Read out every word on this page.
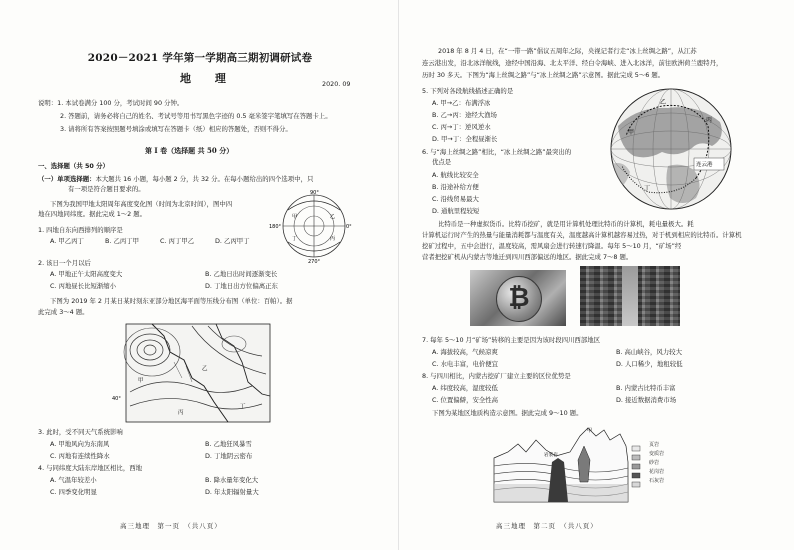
2020－2021 学年第一学期高三期初调研试卷
地 理	2020. 09
说明：1. 本试卷满分 100 分，考试时间 90 分钟。
2. 答题前，请务必将自己的姓名、考试号等用书写黑色字迹的 0.5 毫米签字笔填写在答题卡上。
3. 请将所有答案按照题号填涂或填写在答题卡（纸）相应的答题处，否则不得分。
第 I 卷（选择题 共 50 分）
一、选择题（共 50 分）
（一）单项选择题：本大题共 16 小题，每小题 2 分，共 32 分。在每小题给出的四个选项中，只
有一项是符合题目要求的。
下图为我国甲地太阳周年高度变化图（时间为北京时间），图中四
地在四地同纬度。据此完成 1～2 题。
180°	0°
90°
270°
甲	乙
丙
丁
1. 四地自东向西排列的顺序是
A. 甲乙丙丁	B. 乙丙丁甲	C. 丙丁甲乙	D. 乙丙甲丁
2. 该日一个月以后
A. 甲地正午太阳高度变大	B. 乙地日出时间逐渐变长
C. 丙地昼长比短渐缩小	D. 丁地日出方位偏离正东
下图为 2019 年 2 月某日某时刻东亚部分地区海平面等压线分布图（单位：百帕）。据
此完成 3～4 题。
甲
乙
丙
丁
40°
3. 此时，受不同天气系统影响
A. 甲地风向为东南风	B. 乙地狂风暴雪
C. 丙地有连续性降水	D. 丁地阴云密布
4. 与同纬度大陆东岸地区相比，西地
A. 气温年较差小	B. 降水量年变化大
C. 四季变化明显	D. 年太阳辐射量大
高三地理　第一页　（共八页）
2018 年 8 月 4 日，在“一带一路”倡议五周年之际，央视记者行走“冰上丝绸之路”，从江苏
连云港出发，沿北冰洋航线，途经中国沿海、北太平洋、经白令海峡、进入北冰洋，前往欧洲荷兰鹿特丹，
历时 30 多天。下图为“海上丝绸之路”与“冰上丝绸之路”示意图。据此完成 5～6 题。
5. 下列对各段航线描述正确的是
A. 甲→乙：布满浮冰
B. 乙→丙：途经大渔场
C. 丙→丁：逆风逆水
D. 甲→丁：全程昼渐长
6. 与“海上丝绸之路”相比，“冰上丝绸之路”最突出的
优点是
A. 航线比较安全
B. 沿途补给方便
C. 沿线贸易最大
D. 通航里程较短
连云港
甲
乙
丙
丁
比特币是一种虚拟货币。比特币挖矿，就是用计算机处理比特币的计算机，耗电量极大。耗
计算机运行时产生的热量与能量消耗都与温度有关，温度越高计算机越容易过热，对于机到相应的比特币。计算机
挖矿过程中，五中会进行，温度较高，需风扇会进行转速行降温。每年 5～10 月，“矿场”经
营者把挖矿机从内蒙古等地迁到四川西部偏远的地区。据此完成 7～8 题。
₿
7. 每年 5～10 月“矿场”转移的主要是因为该时段四川西部地区
A. 海拔较高，气候凉爽	B. 高山峡谷，风力较大
C. 水电丰富，电价便宜	D. 人口稀少，地租较低
8. 与四川相比，内蒙古挖矿厂建立主要的区位优势是
A. 纬度较高，湿度较低	B. 内蒙古比特币丰富
C. 位置偏僻，安全性高	D. 接近数据消费市场
下图为某地区地质构造示意图。据此完成 9～10 题。
甲
岩浆岩
页岩
变质岩
砂岩
花岗岩
石灰岩
高三地理　第二页　（共八页）
